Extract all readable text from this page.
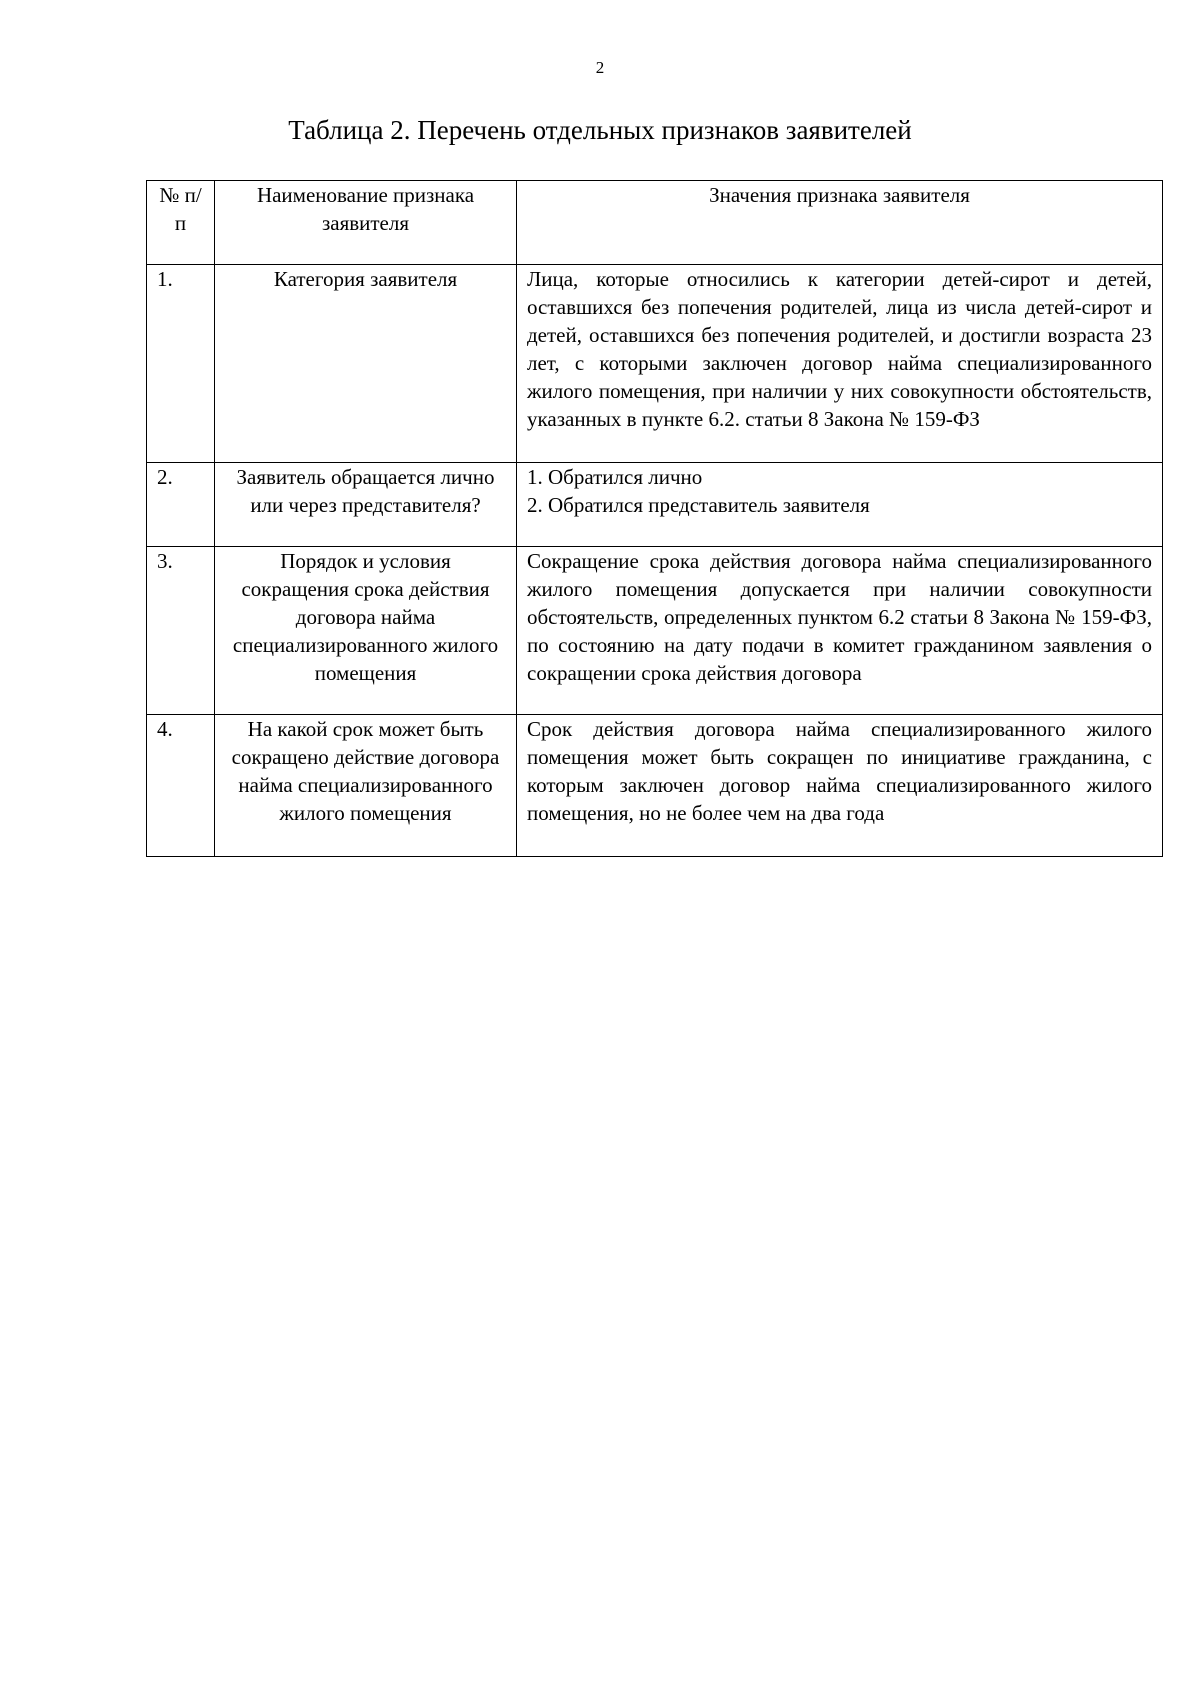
2
Таблица 2. Перечень отдельных признаков заявителей
№ п/п	Наименование признака заявителя	Значения признака заявителя
1.	Категория заявителя	Лица, которые относились к категории детей-сирот и детей, оставшихся без попечения родителей, лица из числа детей-сирот и детей, оставшихся без попечения родителей, и достигли возраста 23 лет, с которыми заключен договор найма специализированного жилого помещения, при наличии у них совокупности обстоятельств, указанных в пункте 6.2. статьи 8 Закона № 159-ФЗ
2.	Заявитель обращается лично или через представителя?	1. Обратился лично
2. Обратился представитель заявителя

3.	Порядок и условия сокращения срока действия договора найма специализированного жилого помещения	Сокращение срока действия договора найма специализированного жилого помещения допускается при наличии совокупности обстоятельств, определенных пунктом 6.2 статьи 8 Закона № 159-ФЗ, по состоянию на дату подачи в комитет гражданином заявления о сокращении срока действия договора
4.	На какой срок может быть сокращено действие договора найма специализированного жилого помещения	Срок действия договора найма специализированного жилого помещения может быть сокращен по инициативе гражданина, с которым заключен договор найма специализированного жилого помещения, но не более чем на два года
